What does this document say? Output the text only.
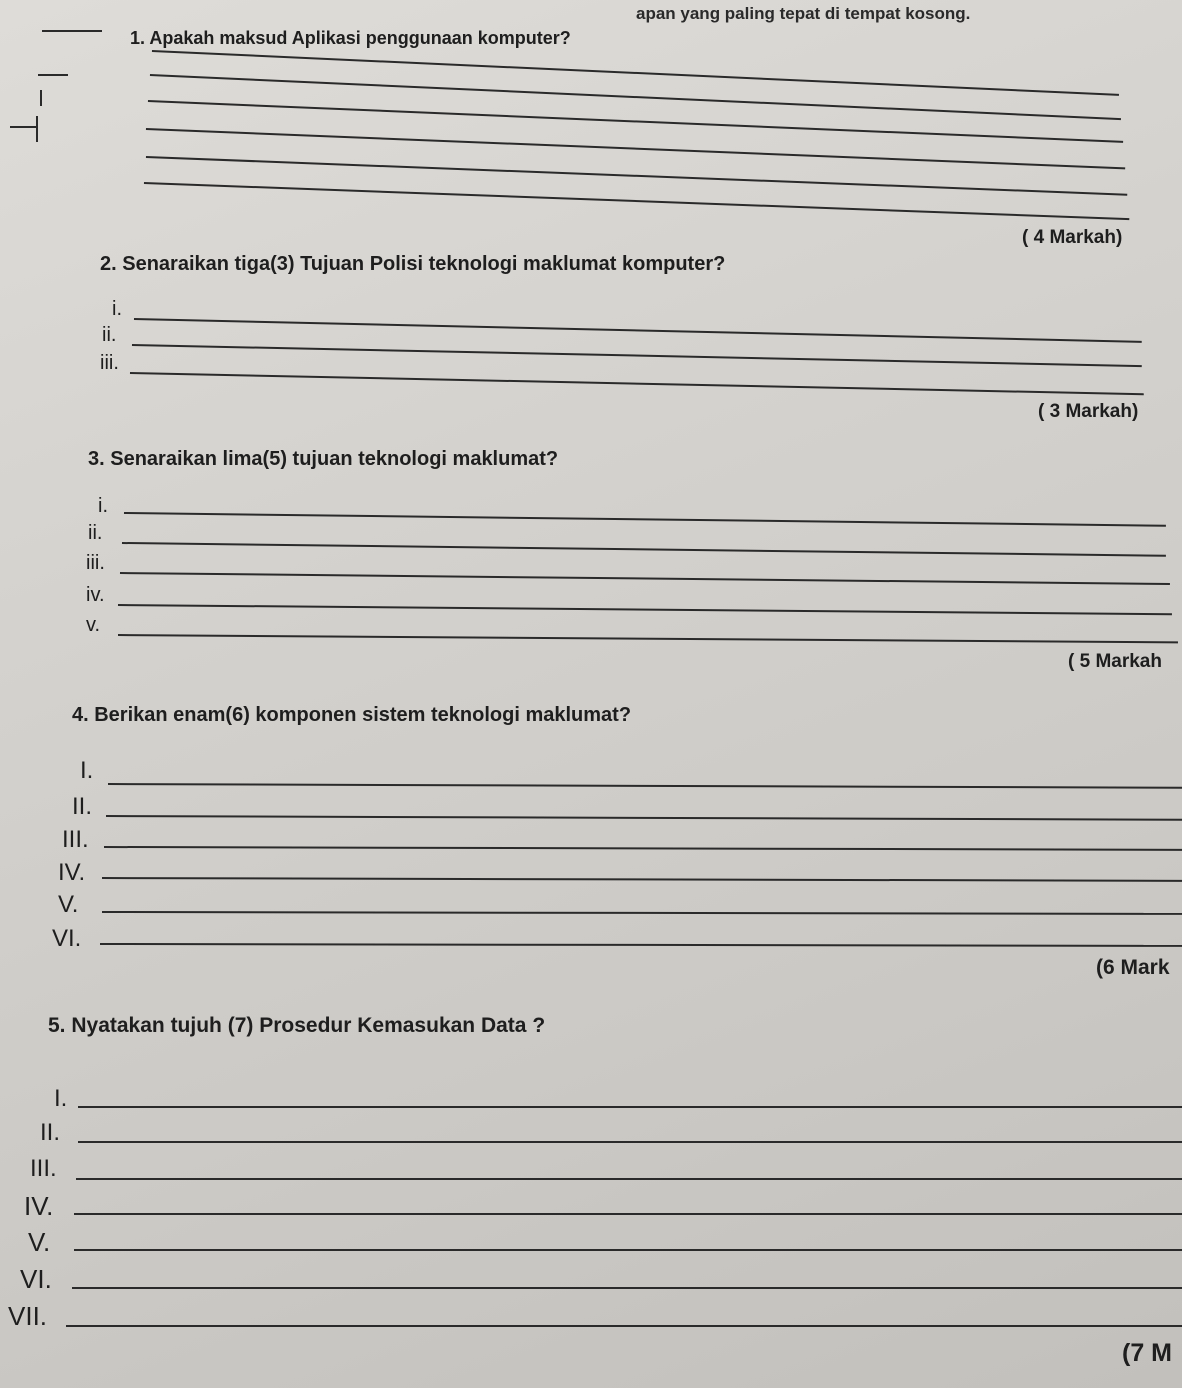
apan yang paling tepat di tempat kosong.
1. Apakah maksud Aplikasi penggunaan komputer?
( 4 Markah)
2. Senaraikan tiga(3) Tujuan Polisi teknologi maklumat komputer?
i.
ii.
iii.
( 3 Markah)
3. Senaraikan lima(5) tujuan teknologi maklumat?
i.
ii.
iii.
iv.
v.
( 5 Markah
4. Berikan enam(6) komponen sistem teknologi maklumat?
I.
II.
III.
IV.
V.
VI.
(6 Mark
5. Nyatakan tujuh (7) Prosedur Kemasukan Data ?
I.
II.
III.
IV.
V.
VI.
VII.
(7 M
